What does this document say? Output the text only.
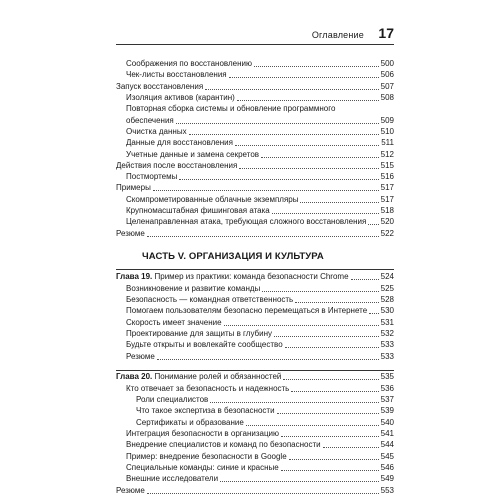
Оглавление 17
Соображения по восстановлению	500
Чек-листы восстановления	506
Запуск восстановления	507
Изоляция активов (карантин)	508
Повторная сборка системы и обновление программного
обеспечения	509
Очистка данных	510
Данные для восстановления	511
Учетные данные и замена секретов	512
Действия после восстановления	515
Постмортемы	516
Примеры	517
Скомпрометированные облачные экземпляры	517
Крупномасштабная фишинговая атака	518
Целенаправленная атака, требующая сложного восстановления 520
Резюме	522
ЧАСТЬ V. ОРГАНИЗАЦИЯ И КУЛЬТУРА
Глава 19. Пример из практики: команда безопасности Chrome	524
Возникновение и развитие команды	525
Безопасность — командная ответственность	528
Помогаем пользователям безопасно перемещаться в Интернете 530
Скорость имеет значение	531
Проектирование для защиты в глубину	532
Будьте открыты и вовлекайте сообщество	533
Резюме	533
Глава 20. Понимание ролей и обязанностей	535
Кто отвечает за безопасность и надежность	536
Роли специалистов	537
Что такое экспертиза в безопасности	539
Сертификаты и образование	540
Интеграция безопасности в организацию	541
Внедрение специалистов и команд по безопасности	544
Пример: внедрение безопасности в Google	545
Специальные команды: синие и красные	546
Внешние исследователи	549
Резюме	553
